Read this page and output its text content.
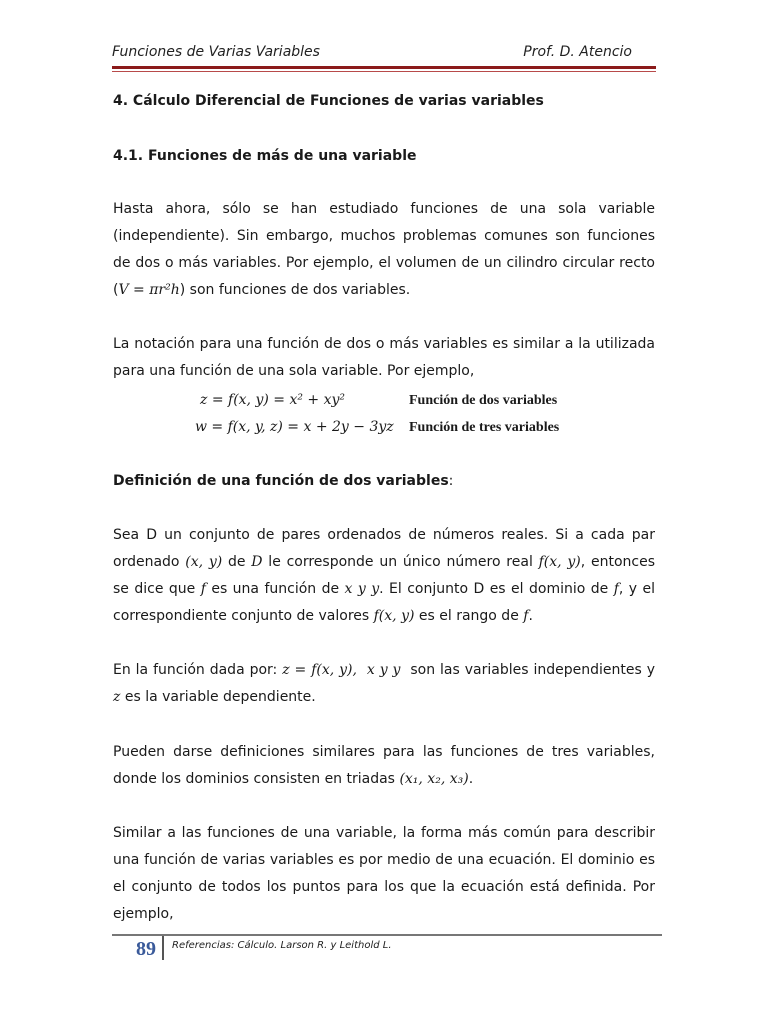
Funciones de Varias Variables	Prof. D. Atencio
4. Cálculo Diferencial de Funciones de varias variables
4.1. Funciones de más de una variable
Hasta ahora, sólo se han estudiado funciones de una sola variable (independiente). Sin embargo, muchos problemas comunes son funciones de dos o más variables. Por ejemplo, el volumen de un cilindro circular recto (V = πr²h) son funciones de dos variables.
La notación para una función de dos o más variables es similar a la utilizada para una función de una sola variable. Por ejemplo,
z = f(x, y) = x² + xy²	Función de dos variables
w = f(x, y, z) = x + 2y − 3yz Función de tres variables
Definición de una función de dos variables:
Sea D un conjunto de pares ordenados de números reales. Si a cada par ordenado (x, y) de D le corresponde un único número real f(x, y), entonces se dice que f es una función de x y y. El conjunto D es el dominio de f, y el correspondiente conjunto de valores f(x, y) es el rango de f.
En la función dada por: z = f(x, y), x y y  son las variables independientes y z es la variable dependiente.
Pueden darse definiciones similares para las funciones de tres variables, donde los dominios consisten en triadas (x₁, x₂, x₃).
Similar a las funciones de una variable, la forma más común para describir una función de varias variables es por medio de una ecuación. El dominio es el conjunto de todos los puntos para los que la ecuación está definida. Por ejemplo,
89 Referencias: Cálculo. Larson R. y Leithold L.
